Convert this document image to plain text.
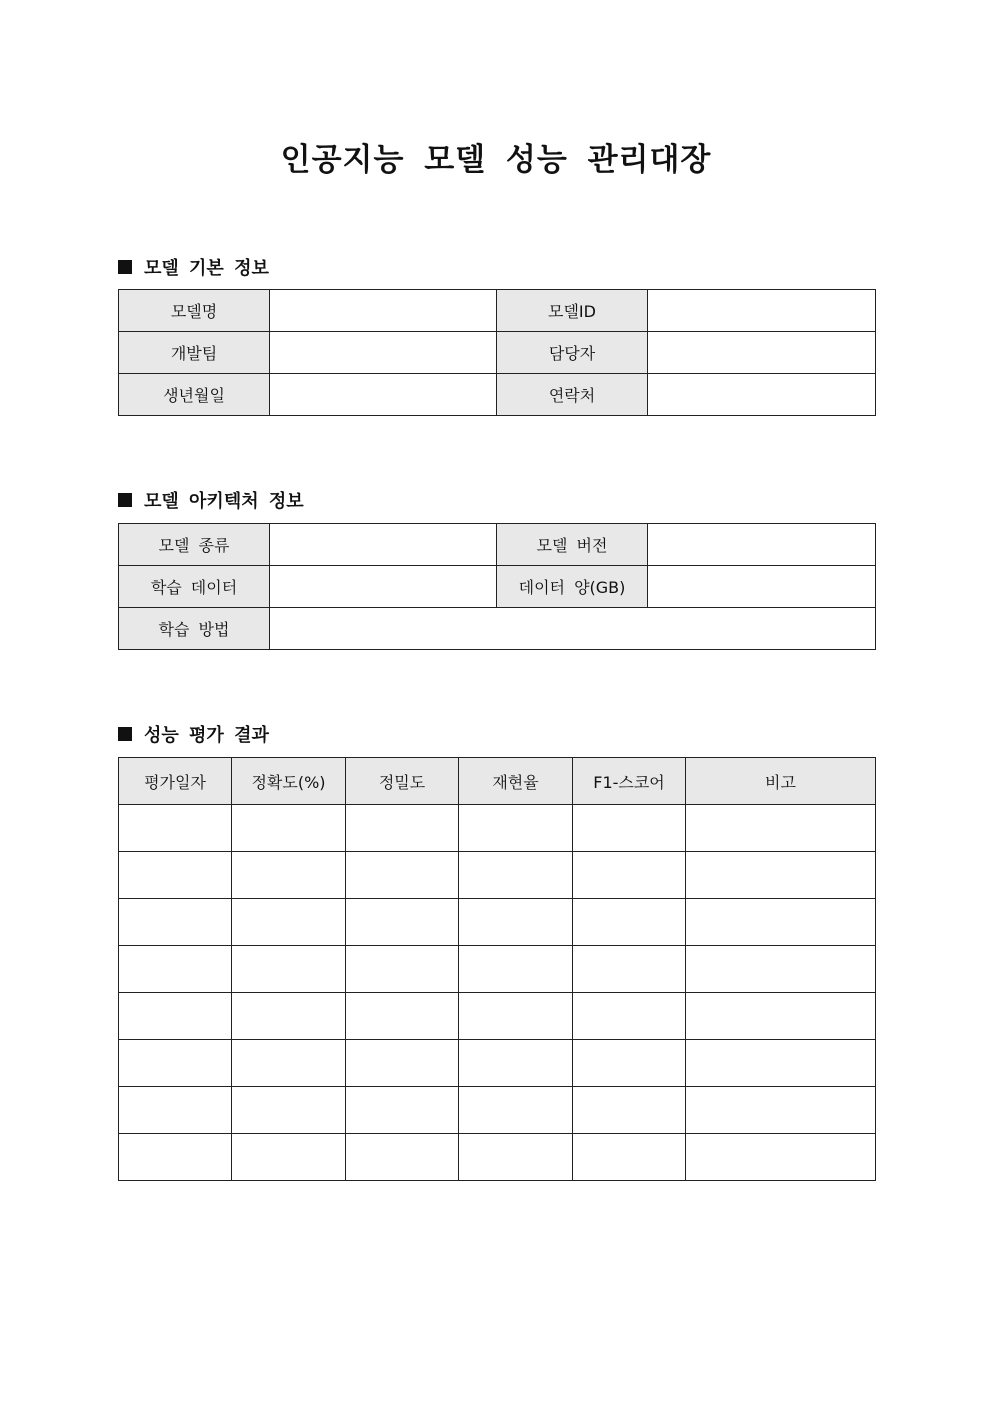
인공지능 모델 성능 관리대장
모델 기본 정보
모델명		모델ID	
개발팀		담당자	
생년월일		연락처	
모델 아키텍처 정보
모델 종류		모델 버전	
학습 데이터		데이터 양(GB)	
학습 방법			
성능 평가 결과
평가일자	정확도(%)	정밀도	재현율	F1-스코어	비고
